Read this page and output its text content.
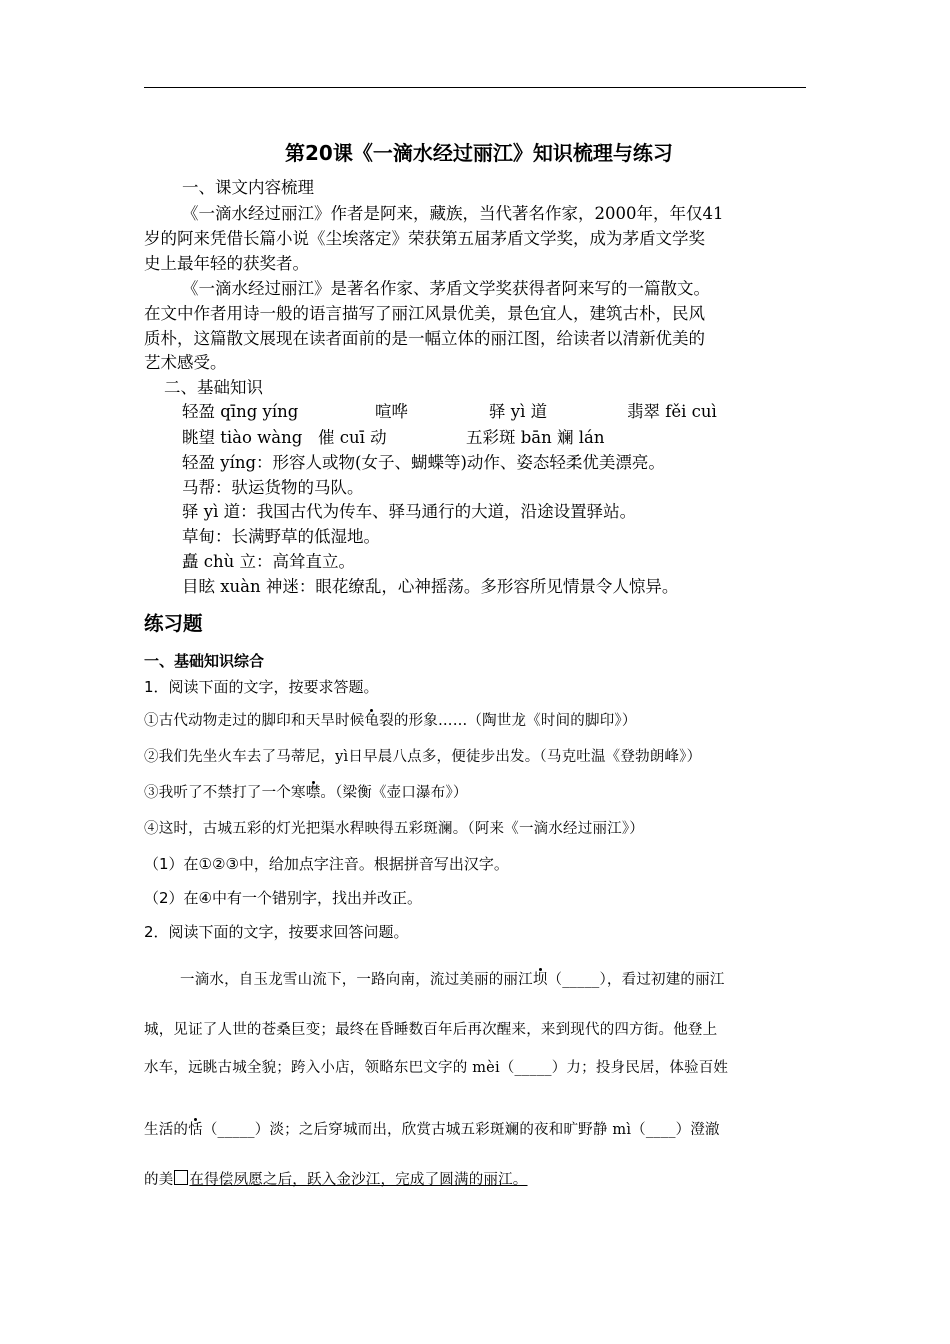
第20课《一滴水经过丽江》知识梳理与练习
一、课文内容梳理
《一滴水经过丽江》作者是阿来，藏族，当代著名作家，2000年，年仅41
岁的阿来凭借长篇小说《尘埃落定》荣获第五届茅盾文学奖，成为茅盾文学奖
史上最年轻的获奖者。
《一滴水经过丽江》是著名作家、茅盾文学奖获得者阿来写的一篇散文。
在文中作者用诗一般的语言描写了丽江风景优美，景色宜人，建筑古朴，民风
质朴，这篇散文展现在读者面前的是一幅立体的丽江图，给读者以清新优美的
艺术感受。
二、基础知识
轻盈 qīng yíng	喧哗	驿 yì 道	翡翠 fěi cuì
眺望 tiào wàng 催 cuī 动	五彩斑 bān 斓 lán
轻盈 yíng：形容人或物(女子、蝴蝶等)动作、姿态轻柔优美漂亮。
马帮：驮运货物的马队。
驿 yì 道：我国古代为传车、驿马通行的大道，沿途设置驿站。
草甸：长满野草的低湿地。
矗 chù 立：高耸直立。
目眩 xuàn 神迷：眼花缭乱，心神摇荡。多形容所见情景令人惊异。
练习题
一、基础知识综合
1．阅读下面的文字，按要求答题。
①古代动物走过的脚印和天旱时候龟裂的形象……（陶世龙《时间的脚印》）
②我们先坐火车去了马蒂尼，yì日早晨八点多，便徒步出发。（马克吐温《登勃朗峰》）
③我听了不禁打了一个寒噤。（梁衡《壶口瀑布》）
④这时，古城五彩的灯光把渠水稈映得五彩斑澜。（阿来《一滴水经过丽江》）
（1）在①②③中，给加点字注音。根据拼音写出汉字。
（2）在④中有一个错别字，找出并改正。
2．阅读下面的文字，按要求回答问题。
一滴水，自玉龙雪山流下，一路向南，流过美丽的丽江坝（_____），看过初建的丽江
城，见证了人世的苍桑巨变；最终在昏睡数百年后再次醒来，来到现代的四方街。他登上
水车，远眺古城全貌；跨入小店，领略东巴文字的 mèi（_____）力；投身民居，体验百姓
生活的恬（_____）淡；之后穿城而出，欣赏古城五彩斑斓的夜和旷野静 mì（____）澄澈
的美 在得偿夙愿之后，跃入金沙江，完成了圆满的丽江。
